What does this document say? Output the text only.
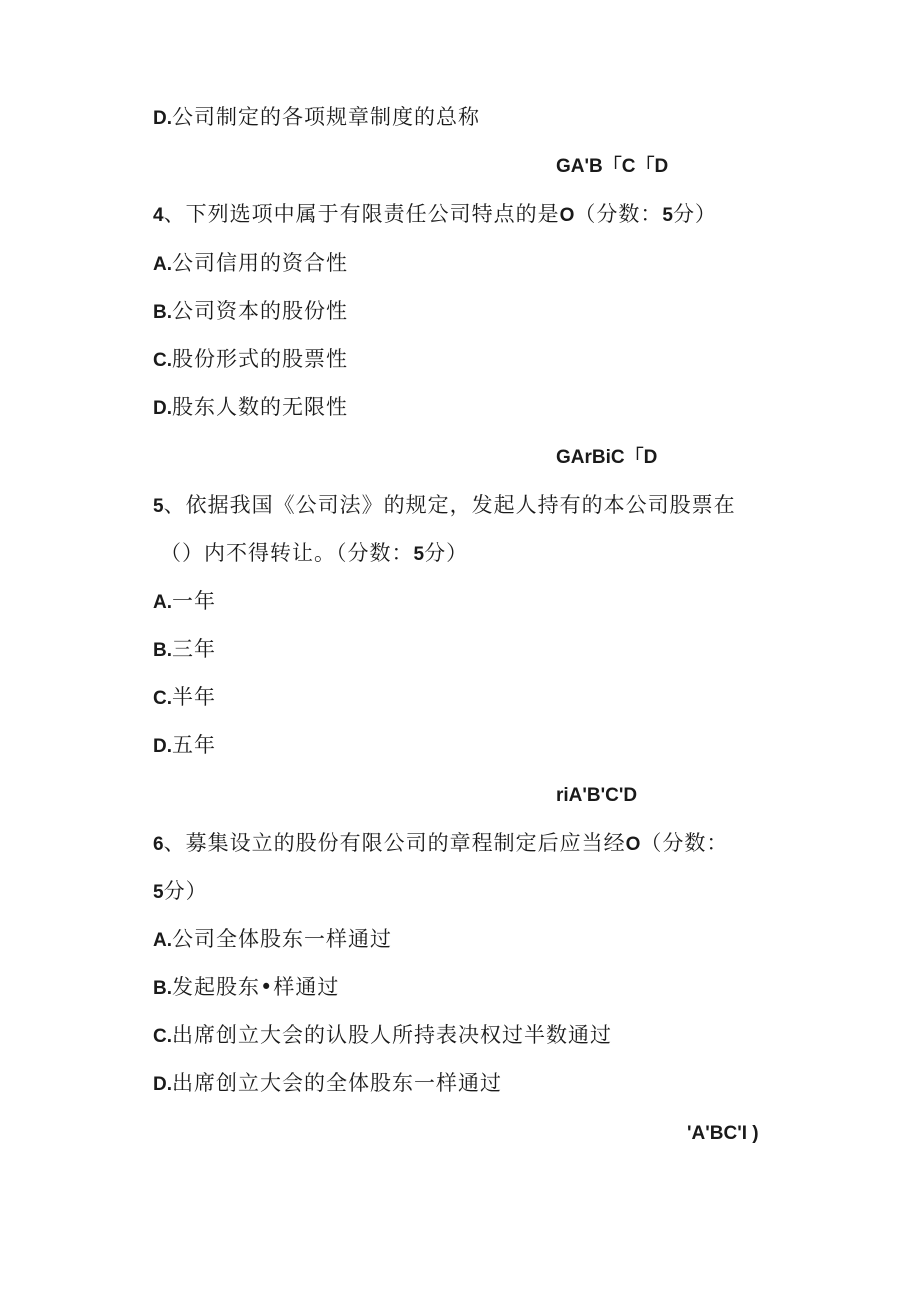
D.公司制定的各项规章制度的总称
GA'B「C「D
4、下列选项中属于有限责任公司特点的是O（分数：5分）
A.公司信用的资合性
B.公司资本的股份性
C.股份形式的股票性
D.股东人数的无限性
GArBiC「D
5、依据我国《公司法》的规定，发起人持有的本公司股票在
（）内不得转让。（分数：5分）
A.一年
B.三年
C.半年
D.五年
riA'B'C'D
6、募集设立的股份有限公司的章程制定后应当经O（分数：
5分）
A.公司全体股东一样通过
B.发起股东•样通过
C.出席创立大会的认股人所持表决权过半数通过
D.出席创立大会的全体股东一样通过
'A'BC'I )
